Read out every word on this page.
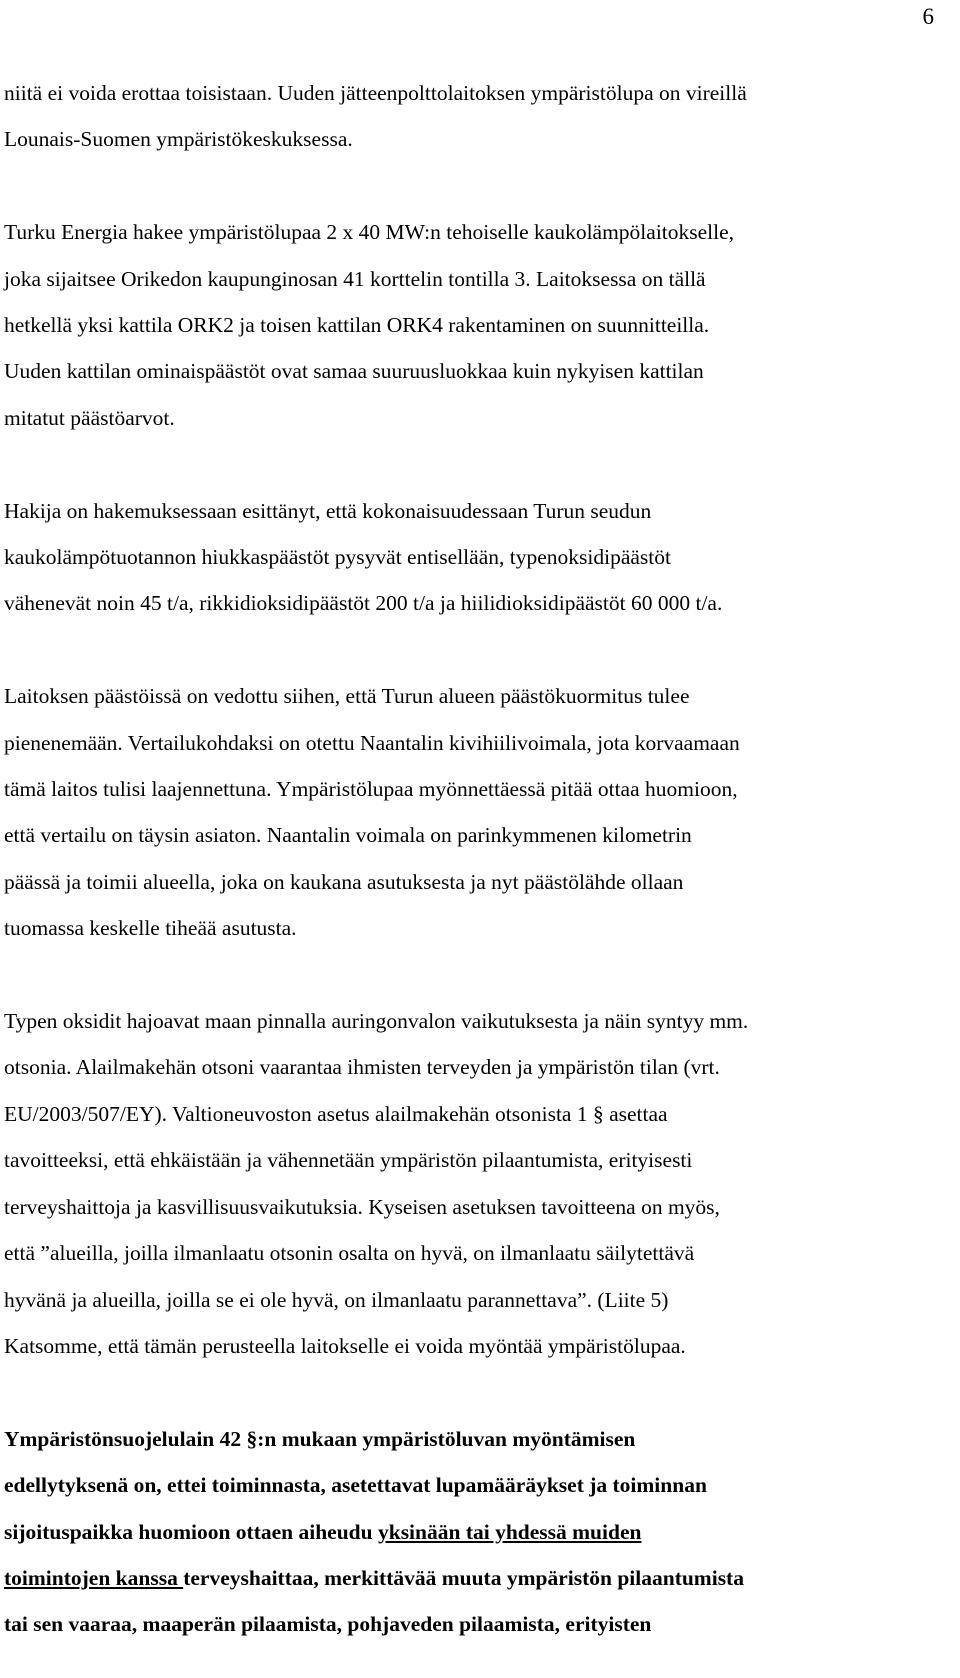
6

niitä ei voida erottaa toisistaan. Uuden jätteenpolttolaitoksen ympäristölupa on vireillä
Lounais-Suomen ympäristökeskuksessa.

Turku Energia hakee ympäristölupaa 2 x 40 MW:n tehoiselle kaukolämpölaitokselle,
joka sijaitsee Orikedon kaupunginosan 41 korttelin tontilla 3. Laitoksessa on tällä
hetkellä yksi kattila ORK2 ja toisen kattilan ORK4 rakentaminen on suunnitteilla.
Uuden kattilan ominaispäästöt ovat samaa suuruusluokkaa kuin nykyisen kattilan
mitatut päästöarvot.

Hakija on hakemuksessaan esittänyt, että kokonaisuudessaan Turun seudun
kaukolämpötuotannon hiukkaspäästöt pysyvät entisellään, typenoksidipäästöt
vähenevät noin 45 t/a, rikkidioksidipäästöt 200 t/a ja hiilidioksidipäästöt 60 000 t/a.

Laitoksen päästöissä on vedottu siihen, että Turun alueen päästökuormitus tulee
pienenemään. Vertailukohdaksi on otettu Naantalin kivihiilivoimala, jota korvaamaan
tämä laitos tulisi laajennettuna. Ympäristölupaa myönnettäessä pitää ottaa huomioon,
että vertailu on täysin asiaton. Naantalin voimala on parinkymmenen kilometrin
päässä ja toimii alueella, joka on kaukana asutuksesta ja nyt päästölähde ollaan
tuomassa keskelle tiheää asutusta.

Typen oksidit hajoavat maan pinnalla auringonvalon vaikutuksesta ja näin syntyy mm.
otsonia. Alailmakehän otsoni vaarantaa ihmisten terveyden ja ympäristön tilan (vrt.
EU/2003/507/EY). Valtioneuvoston asetus alailmakehän otsonista 1 § asettaa
tavoitteeksi, että ehkäistään ja vähennetään ympäristön pilaantumista, erityisesti
terveyshaittoja ja kasvillisuusvaikutuksia. Kyseisen asetuksen tavoitteena on myös,
että ”alueilla, joilla ilmanlaatu otsonin osalta on hyvä, on ilmanlaatu säilytettävä
hyvänä ja alueilla, joilla se ei ole hyvä, on ilmanlaatu parannettava”. (Liite 5)
Katsomme, että tämän perusteella laitokselle ei voida myöntää ympäristölupaa.

Ympäristönsuojelulain 42 §:n mukaan ympäristöluvan myöntämisen
edellytyksenä on, ettei toiminnasta, asetettavat lupamääräykset ja toiminnan
sijoituspaikka huomioon ottaen aiheudu yksinään tai yhdessä muiden
toimintojen kanssa terveyshaittaa, merkittävää muuta ympäristön pilaantumista
tai sen vaaraa, maaperän pilaamista, pohjaveden pilaamista, erityisten
